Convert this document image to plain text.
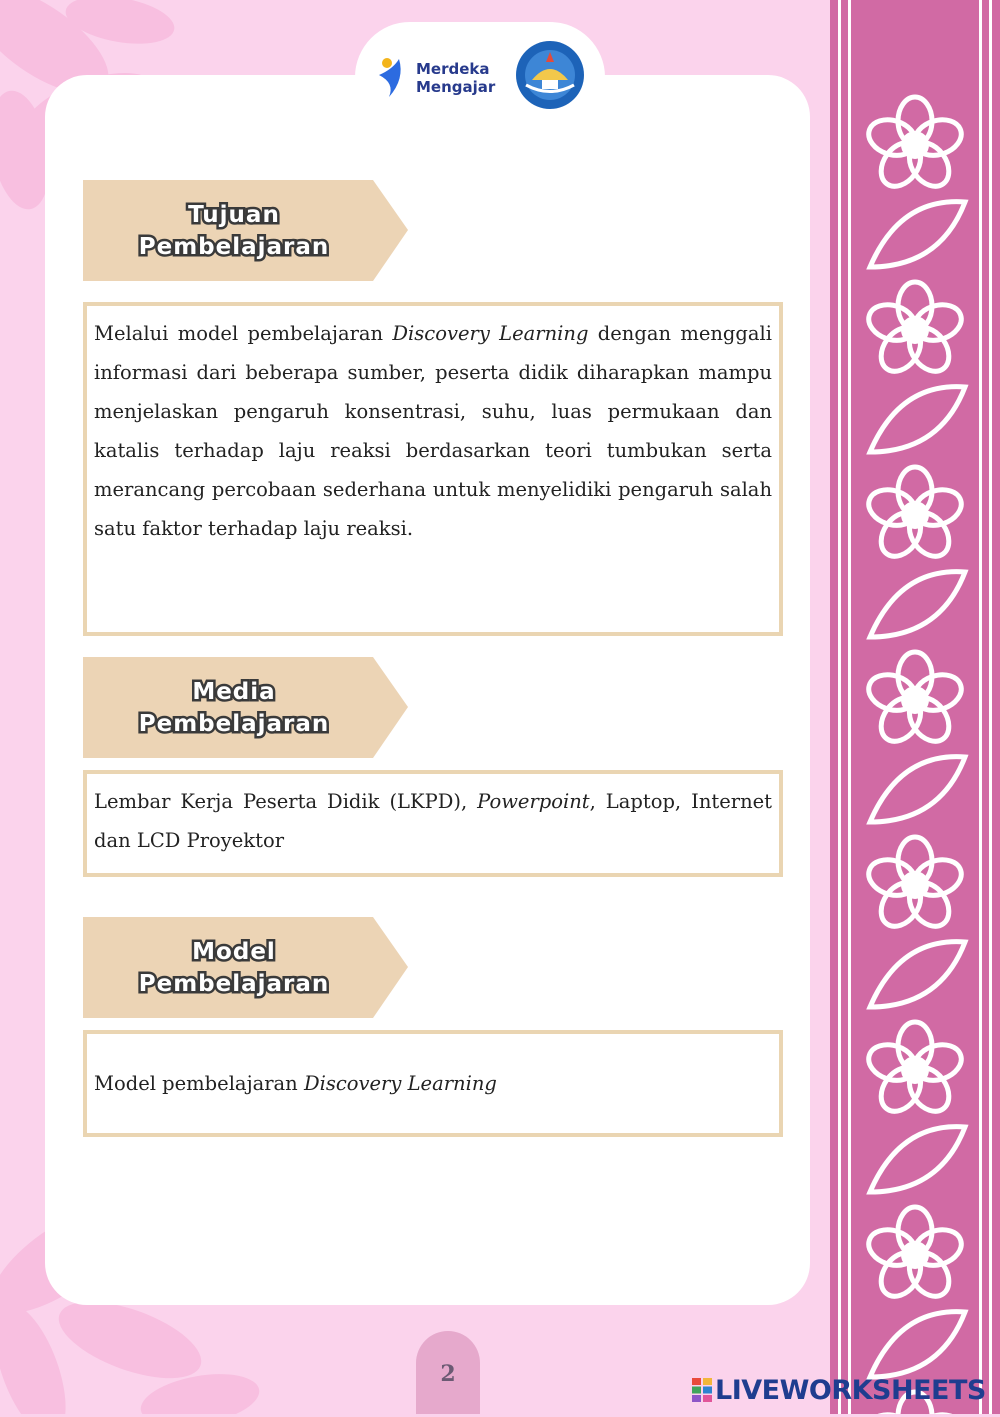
Merdeka
Mengajar
Tujuan
Pembelajaran

Melalui model pembelajaran Discovery Learning dengan menggali informasi dari beberapa sumber, peserta didik diharapkan mampu menjelaskan pengaruh konsentrasi, suhu, luas permukaan dan katalis terhadap laju reaksi berdasarkan teori tumbukan serta merancang percobaan sederhana untuk menyelidiki pengaruh salah satu faktor terhadap laju reaksi.

Media
Pembelajaran

Lembar Kerja Peserta Didik (LKPD), Powerpoint, Laptop, Internet dan LCD Proyektor

Model
Pembelajaran

Model pembelajaran Discovery Learning

2
LIVEWORKSHEETS
